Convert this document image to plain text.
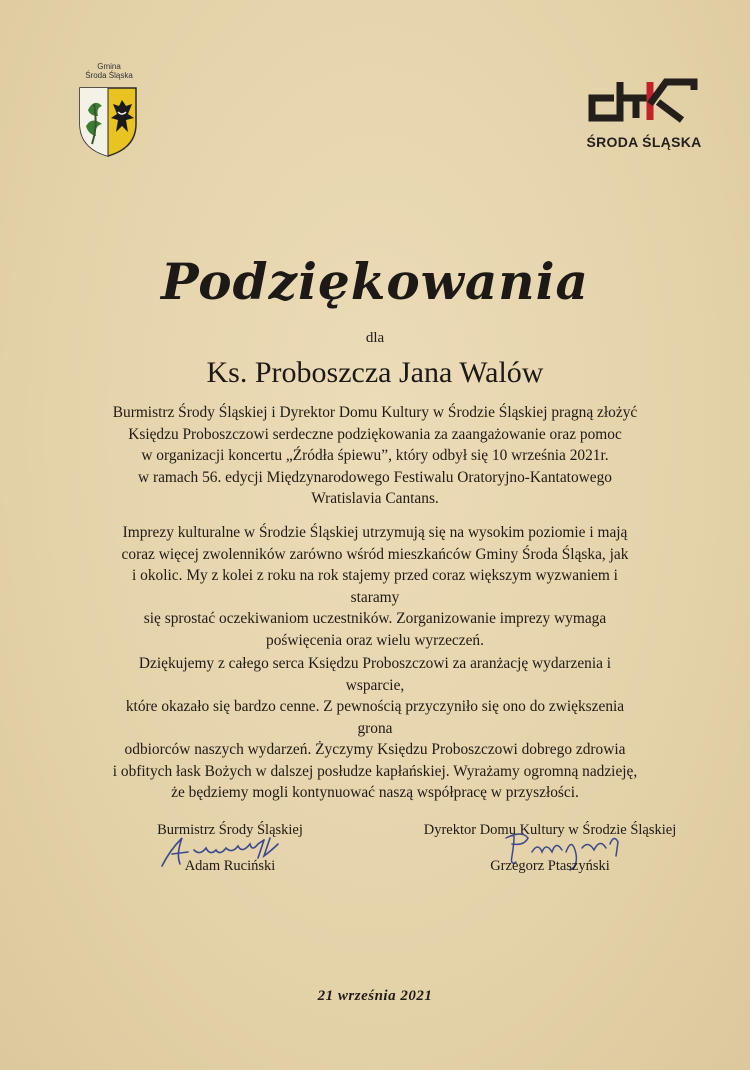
Gmina
Środa Śląska
ŚRODA ŚLĄSKA
Podziękowania
dla
Ks. Proboszcza Jana Walów
Burmistrz Środy Śląskiej i Dyrektor Domu Kultury w Środzie Śląskiej pragną złożyć
Księdzu Proboszczowi serdeczne podziękowania za zaangażowanie oraz pomoc
w organizacji koncertu „Źródła śpiewu”, który odbył się 10 września 2021r.
w ramach 56. edycji Międzynarodowego Festiwalu Oratoryjno-Kantatowego
Wratislavia Cantans.
Imprezy kulturalne w Środzie Śląskiej utrzymują się na wysokim poziomie i mają
coraz więcej zwolenników zarówno wśród mieszkańców Gminy Środa Śląska, jak
i okolic. My z kolei z roku na rok stajemy przed coraz większym wyzwaniem i staramy
się sprostać oczekiwaniom uczestników. Zorganizowanie imprezy wymaga
poświęcenia oraz wielu wyrzeczeń.
Dziękujemy z całego serca Księdzu Proboszczowi za aranżację wydarzenia i wsparcie,
które okazało się bardzo cenne. Z pewnością przyczyniło się ono do zwiększenia grona
odbiorców naszych wydarzeń. Życzymy Księdzu Proboszczowi dobrego zdrowia
i obfitych łask Bożych w dalszej posłudze kapłańskiej. Wyrażamy ogromną nadzieję,
że będziemy mogli kontynuować naszą współpracę w przyszłości.
Burmistrz Środy Śląskiej
Adam Ruciński
Dyrektor Domu Kultury w Środzie Śląskiej
Grzegorz Ptaszyński
21 września 2021
